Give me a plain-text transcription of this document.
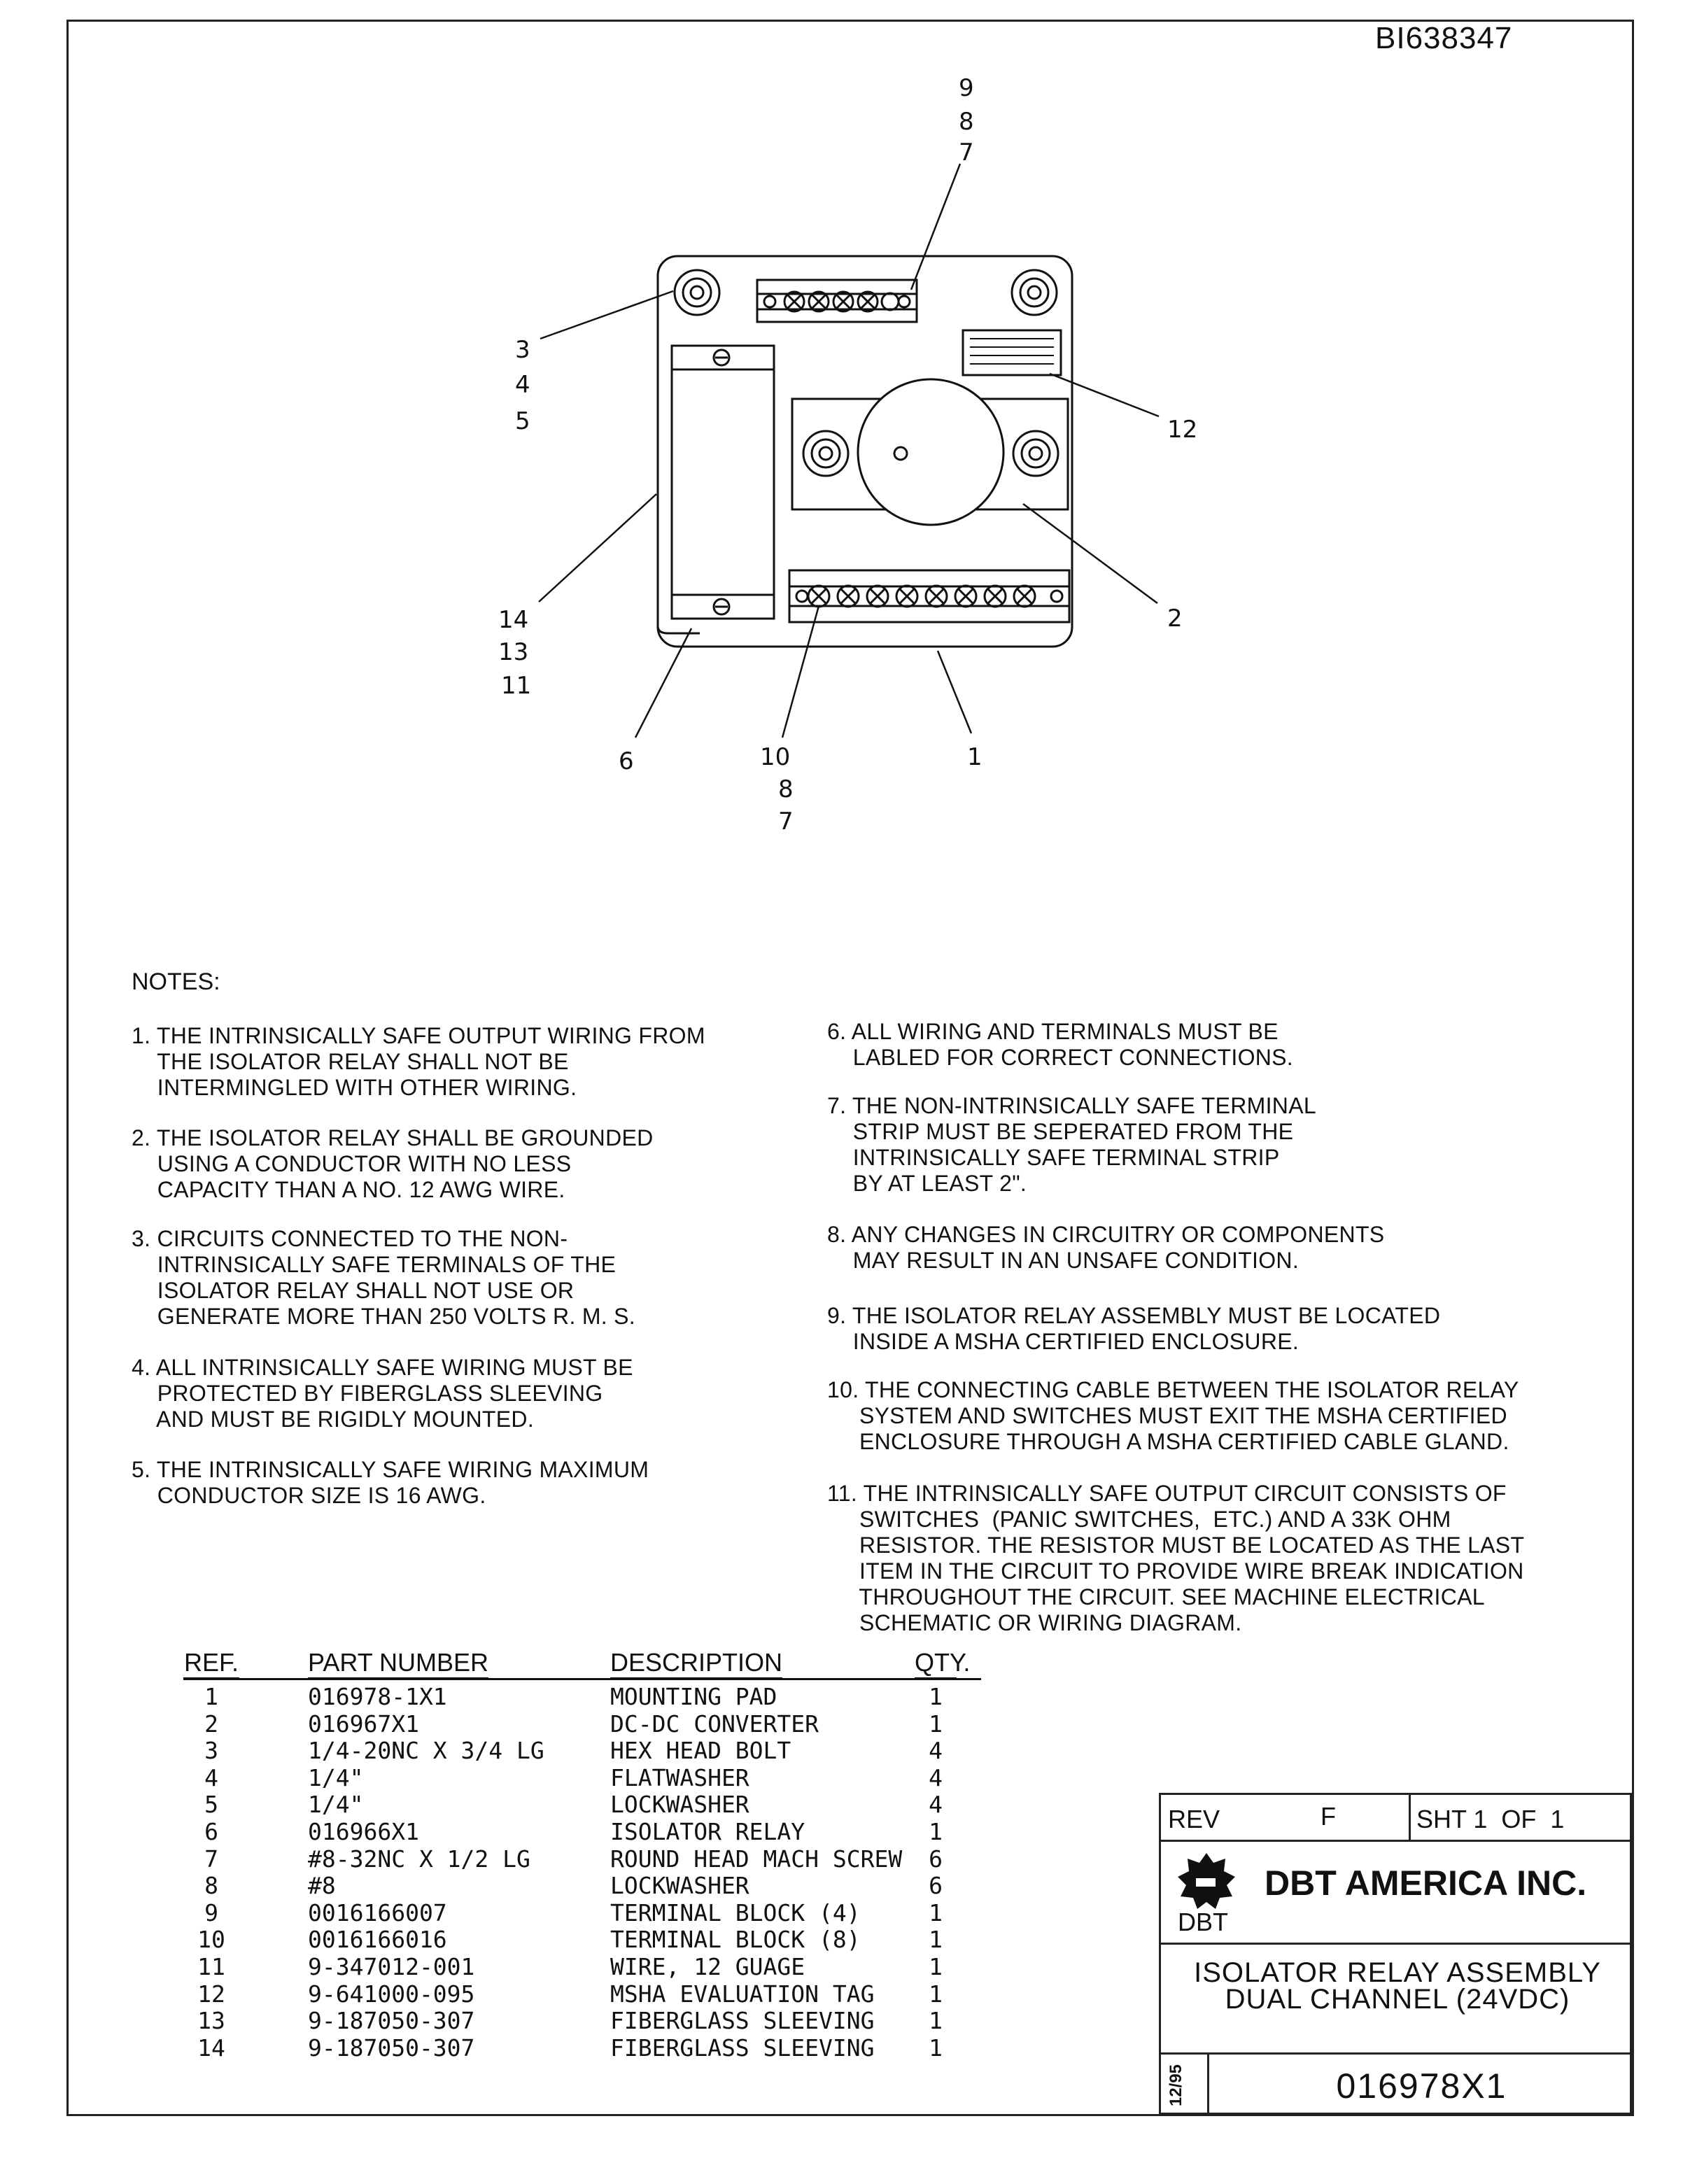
BI638347
9
8
7
3
4
5	12
2
14
13
11
6	10
8
7
1
NOTES:
1. THE INTRINSICALLY SAFE OUTPUT WIRING FROM
THE ISOLATOR RELAY SHALL NOT BE
INTERMINGLED WITH OTHER WIRING.
2. THE ISOLATOR RELAY SHALL BE GROUNDED
USING A CONDUCTOR WITH NO LESS
CAPACITY THAN A NO. 12 AWG WIRE.
3. CIRCUITS CONNECTED TO THE NON-
INTRINSICALLY SAFE TERMINALS OF THE
ISOLATOR RELAY SHALL NOT USE OR
GENERATE MORE THAN 250 VOLTS R. M. S.
4. ALL INTRINSICALLY SAFE WIRING MUST BE
PROTECTED BY FIBERGLASS SLEEVING
AND MUST BE RIGIDLY MOUNTED.
5. THE INTRINSICALLY SAFE WIRING MAXIMUM
CONDUCTOR SIZE IS 16 AWG.
6. ALL WIRING AND TERMINALS MUST BE
LABLED FOR CORRECT CONNECTIONS.
7. THE NON-INTRINSICALLY SAFE TERMINAL
STRIP MUST BE SEPERATED FROM THE
INTRINSICALLY SAFE TERMINAL STRIP
BY AT LEAST 2".
8. ANY CHANGES IN CIRCUITRY OR COMPONENTS
MAY RESULT IN AN UNSAFE CONDITION.
9. THE ISOLATOR RELAY ASSEMBLY MUST BE LOCATED
INSIDE A MSHA CERTIFIED ENCLOSURE.
10. THE CONNECTING CABLE BETWEEN THE ISOLATOR RELAY
SYSTEM AND SWITCHES MUST EXIT THE MSHA CERTIFIED
ENCLOSURE THROUGH A MSHA CERTIFIED CABLE GLAND.
11. THE INTRINSICALLY SAFE OUTPUT CIRCUIT CONSISTS OF
SWITCHES  (PANIC SWITCHES,  ETC.) AND A 33K OHM
RESISTOR. THE RESISTOR MUST BE LOCATED AS THE LAST
ITEM IN THE CIRCUIT TO PROVIDE WIRE BREAK INDICATION
THROUGHOUT THE CIRCUIT. SEE MACHINE ELECTRICAL
SCHEMATIC OR WIRING DIAGRAM.
REF.	PART NUMBER	DESCRIPTION	QTY.
1	016978-1X1	MOUNTING PAD	1
2	016967X1	DC-DC CONVERTER	1
3	1/4-20NC X 3/4 LG	HEX HEAD BOLT	4
4	1/4"	FLATWASHER	4
5	1/4"	LOCKWASHER	4
6	016966X1	ISOLATOR RELAY	1
7	#8-32NC X 1/2 LG	ROUND HEAD MACH SCREW	6
8	#8	LOCKWASHER	6
9	0016166007	TERMINAL BLOCK (4)	1
10	0016166016	TERMINAL BLOCK (8)	1
11	9-347012-001	WIRE, 12 GUAGE	1
12	9-641000-095	MSHA EVALUATION TAG	1
13	9-187050-307	FIBERGLASS SLEEVING	1
14	9-187050-307	FIBERGLASS SLEEVING	1
REV	F	SHT 1  OF  1
DBT
DBT AMERICA INC.
ISOLATOR RELAY ASSEMBLY
DUAL CHANNEL (24VDC)
12/95	016978X1
